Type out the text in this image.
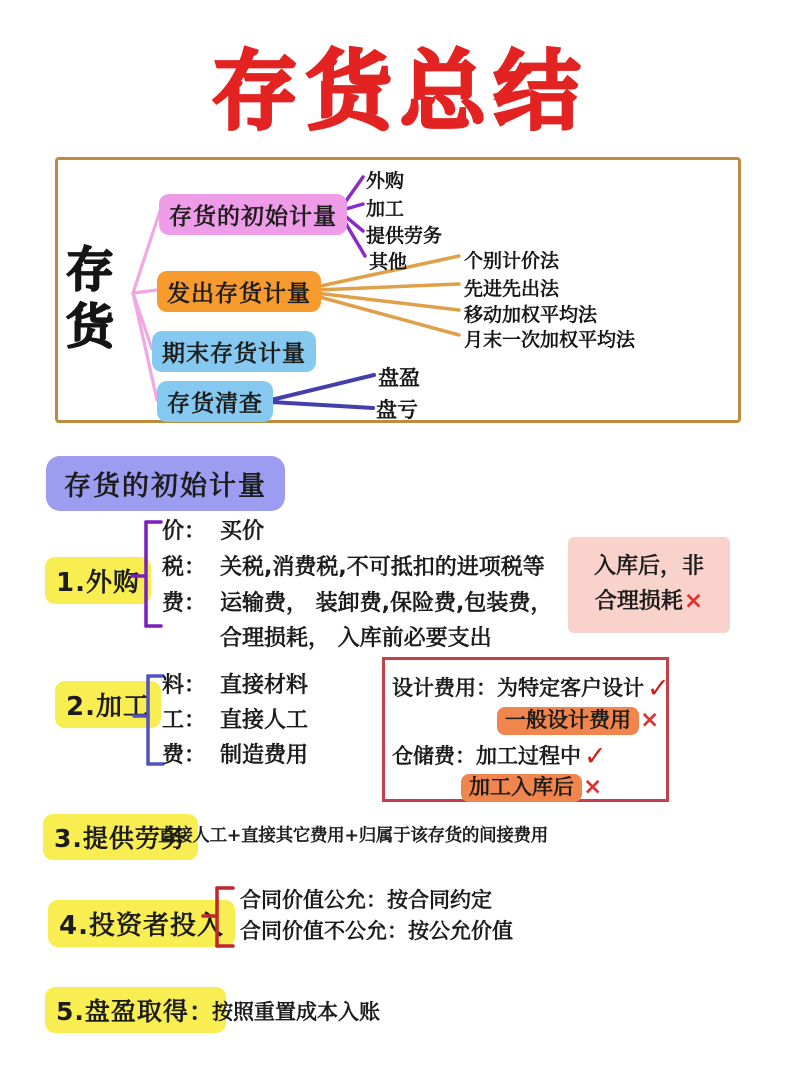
存货总结
存货
存货的初始计量
发出存货计量
期末存货计量
存货清查
外购
加工
提供劳务
其他	个别计价法
先进先出法
移动加权平均法
月末一次加权平均法
盘盈
盘亏
存货的初始计量
1.外购
价： 买价
税： 关税,消费税,不可抵扣的进项税等
费： 运输费， 装卸费,保险费,包装费，
合理损耗， 入库前必要支出
入库后，非
合理损耗×
2.加工
料： 直接材料
工： 直接人工
费： 制造费用
设计费用：为特定客户设计 ✓
一般设计费用 ×
仓储费：加工过程中 ✓
加工入库后 ×
3.提供劳务
直接人工+直接其它费用+归属于该存货的间接费用
4.投资者投入
合同价值公允：按合同约定
合同价值不公允：按公允价值
5.盘盈取得：
按照重置成本入账
